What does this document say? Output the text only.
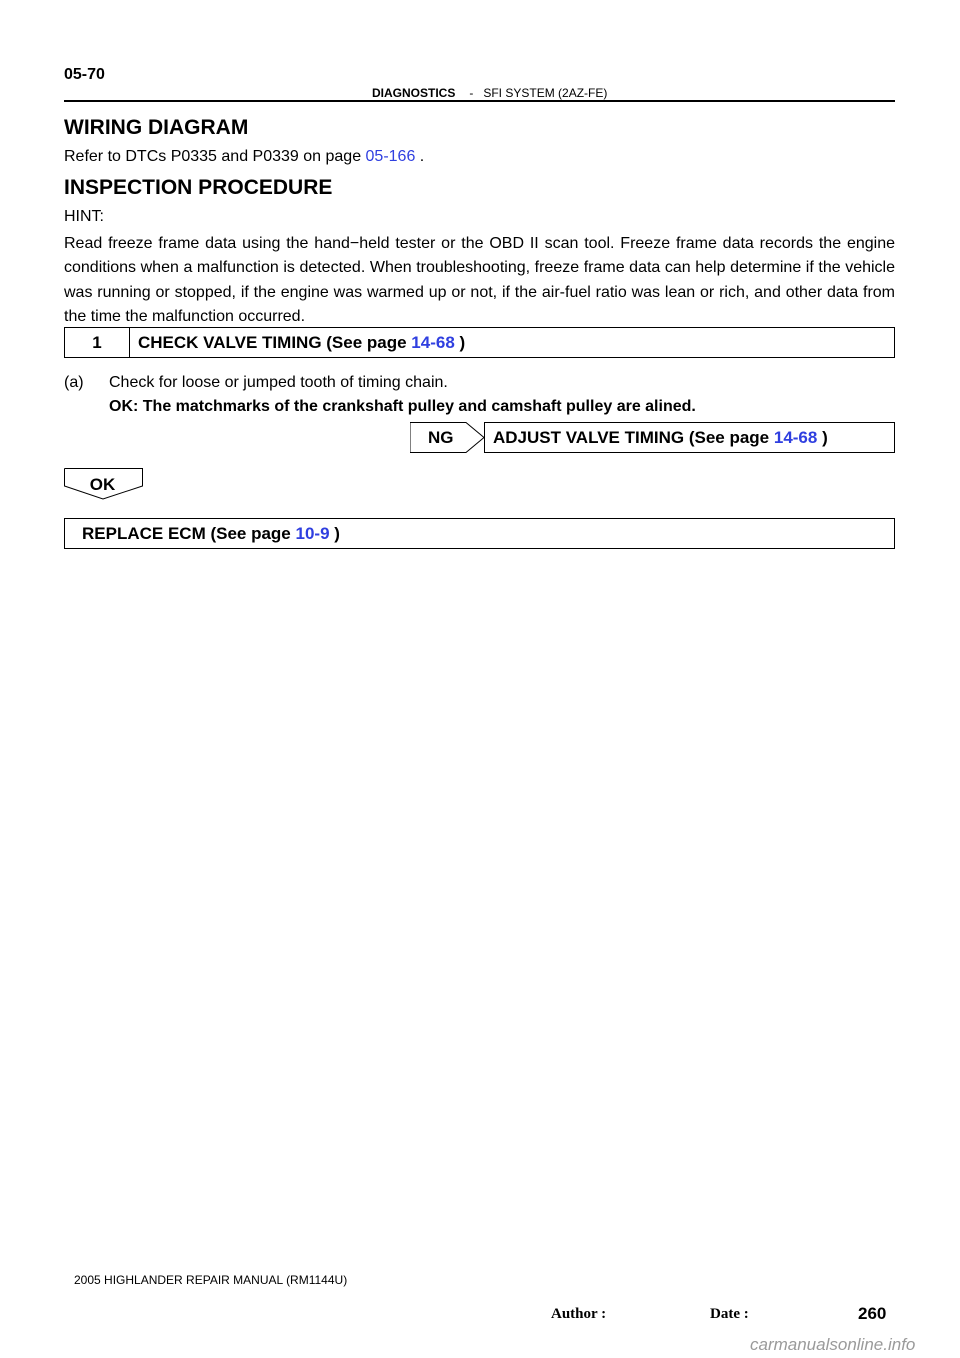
05-70
DIAGNOSTICS - SFI SYSTEM (2AZ-FE)
WIRING DIAGRAM
Refer to DTCs P0335 and P0339 on page 05-166 .
INSPECTION PROCEDURE
HINT:
Read freeze frame data using the hand−held tester or the OBD II scan tool. Freeze frame data records the engine conditions when a malfunction is detected. When troubleshooting, freeze frame data can help determine if the vehicle was running or stopped, if the engine was warmed up or not, if the air-fuel ratio was lean or rich, and other data from the time the malfunction occurred.
1	CHECK VALVE TIMING (See page 14-68 )
(a) Check for loose or jumped tooth of timing chain.
OK: The matchmarks of the crankshaft pulley and camshaft pulley are alined.
NG ADJUST VALVE TIMING (See page 14-68 )
OK
REPLACE ECM (See page 10-9 )
2005 HIGHLANDER REPAIR MANUAL (RM1144U)
Author :	Date :	260
carmanualsonline.info
